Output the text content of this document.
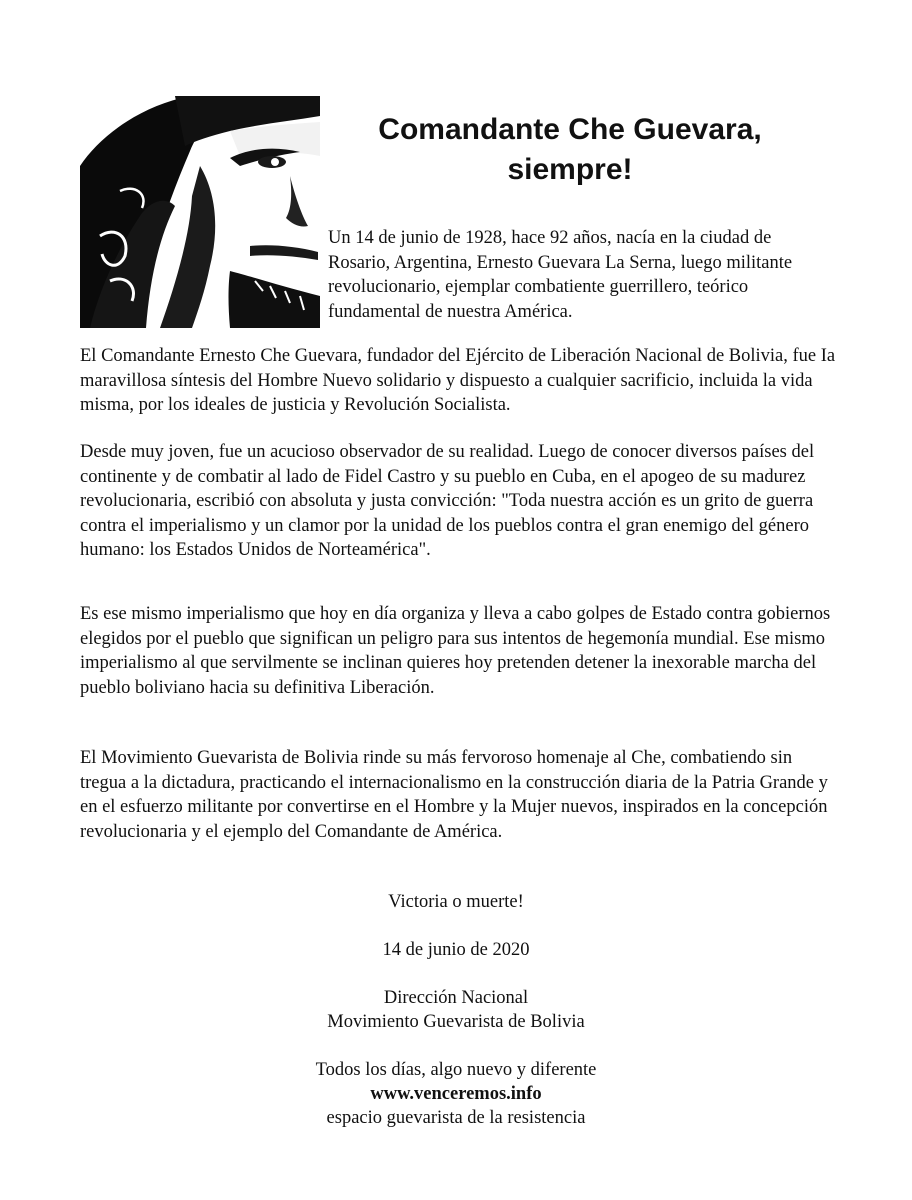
Comandante Che Guevara,
siempre!

Un 14 de junio de 1928, hace 92 años, nacía en la ciudad de Rosario, Argentina, Ernesto Guevara La Serna, luego militante revolucionario, ejemplar combatiente guerrillero, teórico fundamental de nuestra América.

El Comandante Ernesto Che Guevara, fundador del Ejército de Liberación Nacional de Bolivia, fue Ia maravillosa síntesis del Hombre Nuevo solidario y dispuesto a cualquier sacrificio, incluida la vida misma, por los ideales de justicia y Revolución Socialista.

Desde muy joven, fue un acucioso observador de su realidad. Luego de conocer diversos países del continente y de combatir al lado de Fidel Castro y su pueblo en Cuba, en el apogeo de su madurez revolucionaria, escribió con absoluta y justa convicción: "Toda nuestra acción es un grito de guerra contra el imperialismo y un clamor por la unidad de los pueblos contra el gran enemigo del género humano: los Estados Unidos de Norteamérica".

Es ese mismo imperialismo que hoy en día organiza y lleva a cabo golpes de Estado contra gobiernos elegidos por el pueblo que significan un peligro para sus intentos de hegemonía mundial. Ese mismo imperialismo al que servilmente se inclinan quieres hoy pretenden detener la inexorable marcha del pueblo boliviano hacia su definitiva Liberación.

El Movimiento Guevarista de Bolivia rinde su más fervoroso homenaje al Che, combatiendo sin tregua a la dictadura, practicando el internacionalismo en la construcción diaria de la Patria Grande y en el esfuerzo militante por convertirse en el Hombre y la Mujer nuevos, inspirados en la concepción revolucionaria y el ejemplo del Comandante de América.

Victoria o muerte!
14 de junio de 2020
Dirección Nacional
Movimiento Guevarista de Bolivia
Todos los días, algo nuevo y diferente
www.venceremos.info
espacio guevarista de la resistencia
